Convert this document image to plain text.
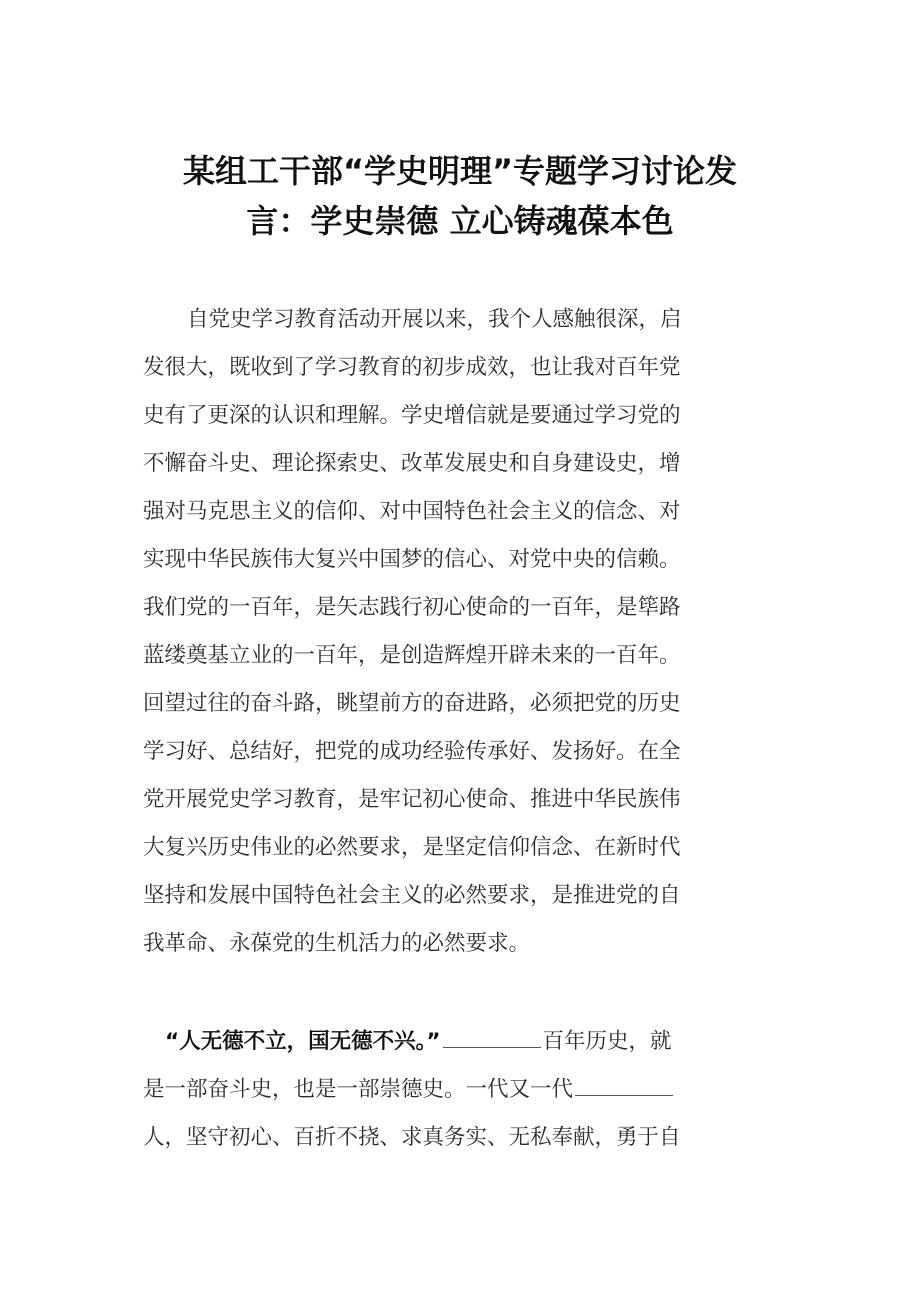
某组工干部“学史明理”专题学习讨论发
言：学史崇德 立心铸魂葆本色
自党史学习教育活动开展以来，我个人感触很深，启
发很大，既收到了学习教育的初步成效，也让我对百年党
史有了更深的认识和理解。学史增信就是要通过学习党的
不懈奋斗史、理论探索史、改革发展史和自身建设史，增
强对马克思主义的信仰、对中国特色社会主义的信念、对
实现中华民族伟大复兴中国梦的信心、对党中央的信赖。
我们党的一百年，是矢志践行初心使命的一百年，是筚路
蓝缕奠基立业的一百年，是创造辉煌开辟未来的一百年。
回望过往的奋斗路，眺望前方的奋进路，必须把党的历史
学习好、总结好，把党的成功经验传承好、发扬好。在全
党开展党史学习教育，是牢记初心使命、推进中华民族伟
大复兴历史伟业的必然要求，是坚定信仰信念、在新时代
坚持和发展中国特色社会主义的必然要求，是推进党的自
我革命、永葆党的生机活力的必然要求。
“人无德不立，国无德不兴。”	百年历史，就
是一部奋斗史，也是一部崇德史。一代又一代
人，坚守初心、百折不挠、求真务实、无私奉献，勇于自
